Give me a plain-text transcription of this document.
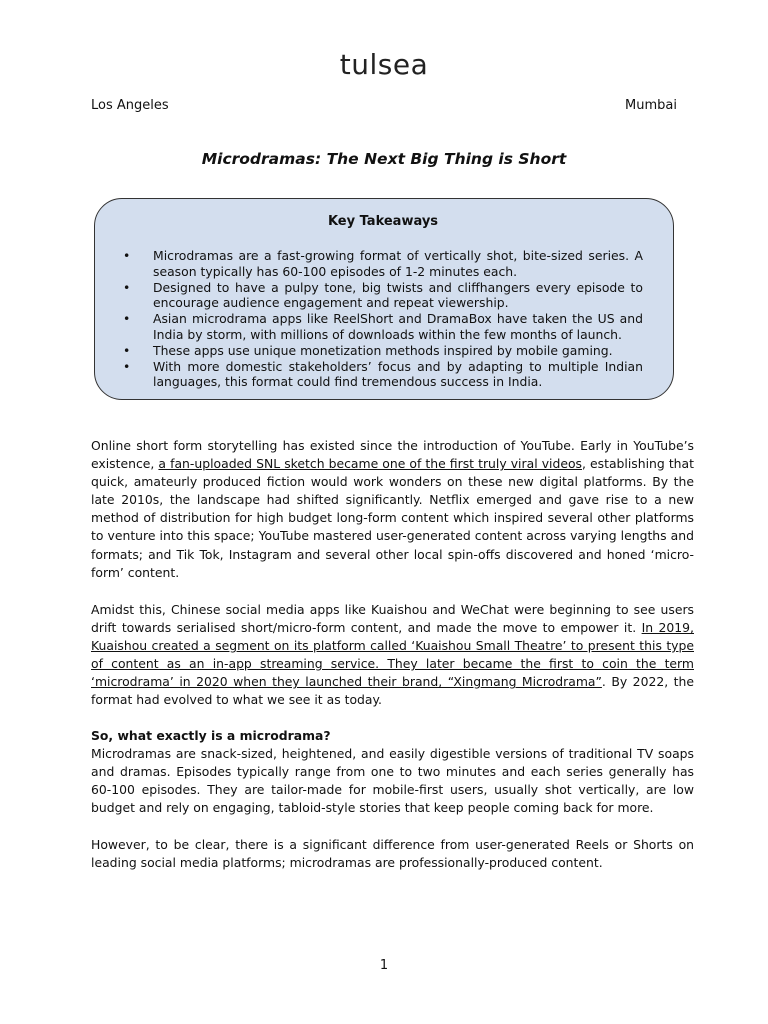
tulsea
Los Angeles	Mumbai
Microdramas: The Next Big Thing is Short
Key Takeaways
• Microdramas are a fast-growing format of vertically shot, bite-sized series. A season typically has 60-100 episodes of 1-2 minutes each.
• Designed to have a pulpy tone, big twists and cliffhangers every episode to encourage audience engagement and repeat viewership.
• Asian microdrama apps like ReelShort and DramaBox have taken the US and India by storm, with millions of downloads within the few months of launch.
• These apps use unique monetization methods inspired by mobile gaming.
• With more domestic stakeholders’ focus and by adapting to multiple Indian languages, this format could find tremendous success in India.

Online short form storytelling has existed since the introduction of YouTube. Early in YouTube’s existence, a fan-uploaded SNL sketch became one of the first truly viral videos, establishing that quick, amateurly produced fiction would work wonders on these new digital platforms. By the late 2010s, the landscape had shifted significantly. Netflix emerged and gave rise to a new method of distribution for high budget long-form content which inspired several other platforms to venture into this space; YouTube mastered user-generated content across varying lengths and formats; and Tik Tok, Instagram and several other local spin-offs discovered and honed ‘micro-form’ content.

Amidst this, Chinese social media apps like Kuaishou and WeChat were beginning to see users drift towards serialised short/micro-form content, and made the move to empower it. In 2019, Kuaishou created a segment on its platform called ‘Kuaishou Small Theatre’ to present this type of content as an in-app streaming service. They later became the first to coin the term ‘microdrama’ in 2020 when they launched their brand, “Xingmang Microdrama”. By 2022, the format had evolved to what we see it as today.

So, what exactly is a microdrama?
Microdramas are snack-sized, heightened, and easily digestible versions of traditional TV soaps and dramas. Episodes typically range from one to two minutes and each series generally has 60-100 episodes. They are tailor-made for mobile-first users, usually shot vertically, are low budget and rely on engaging, tabloid-style stories that keep people coming back for more.
However, to be clear, there is a significant difference from user-generated Reels or Shorts on leading social media platforms; microdramas are professionally-produced content.
1
